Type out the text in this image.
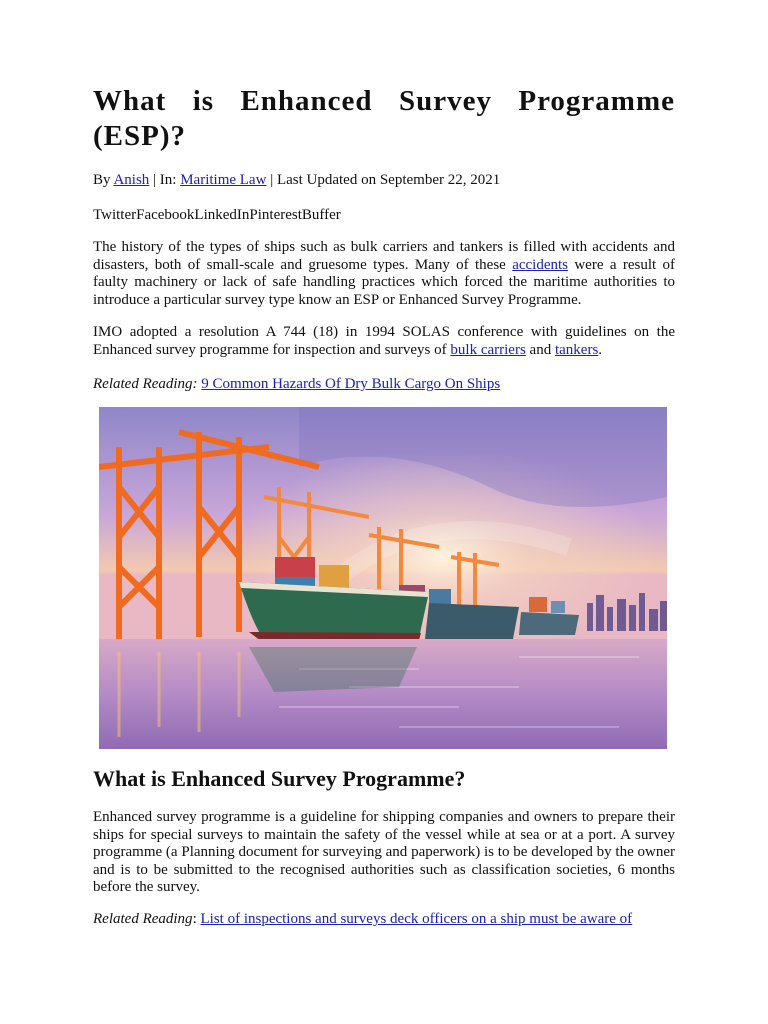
What is Enhanced Survey Programme (ESP)?
By Anish | In: Maritime Law | Last Updated on September 22, 2021
TwitterFacebookLinkedInPinterestBuffer

The history of the types of ships such as bulk carriers and tankers is filled with accidents and disasters, both of small-scale and gruesome types. Many of these accidents were a result of faulty machinery or lack of safe handling practices which forced the maritime authorities to introduce a particular survey type know an ESP or Enhanced Survey Programme.

IMO adopted a resolution A 744 (18) in 1994 SOLAS conference with guidelines on the Enhanced survey programme for inspection and surveys of bulk carriers and tankers.

Related Reading: 9 Common Hazards Of Dry Bulk Cargo On Ships
What is Enhanced Survey Programme?

Enhanced survey programme is a guideline for shipping companies and owners to prepare their ships for special surveys to maintain the safety of the vessel while at sea or at a port. A survey programme (a Planning document for surveying and paperwork) is to be developed by the owner and is to be submitted to the recognised authorities such as classification societies, 6 months before the survey.

Related Reading: List of inspections and surveys deck officers on a ship must be aware of
